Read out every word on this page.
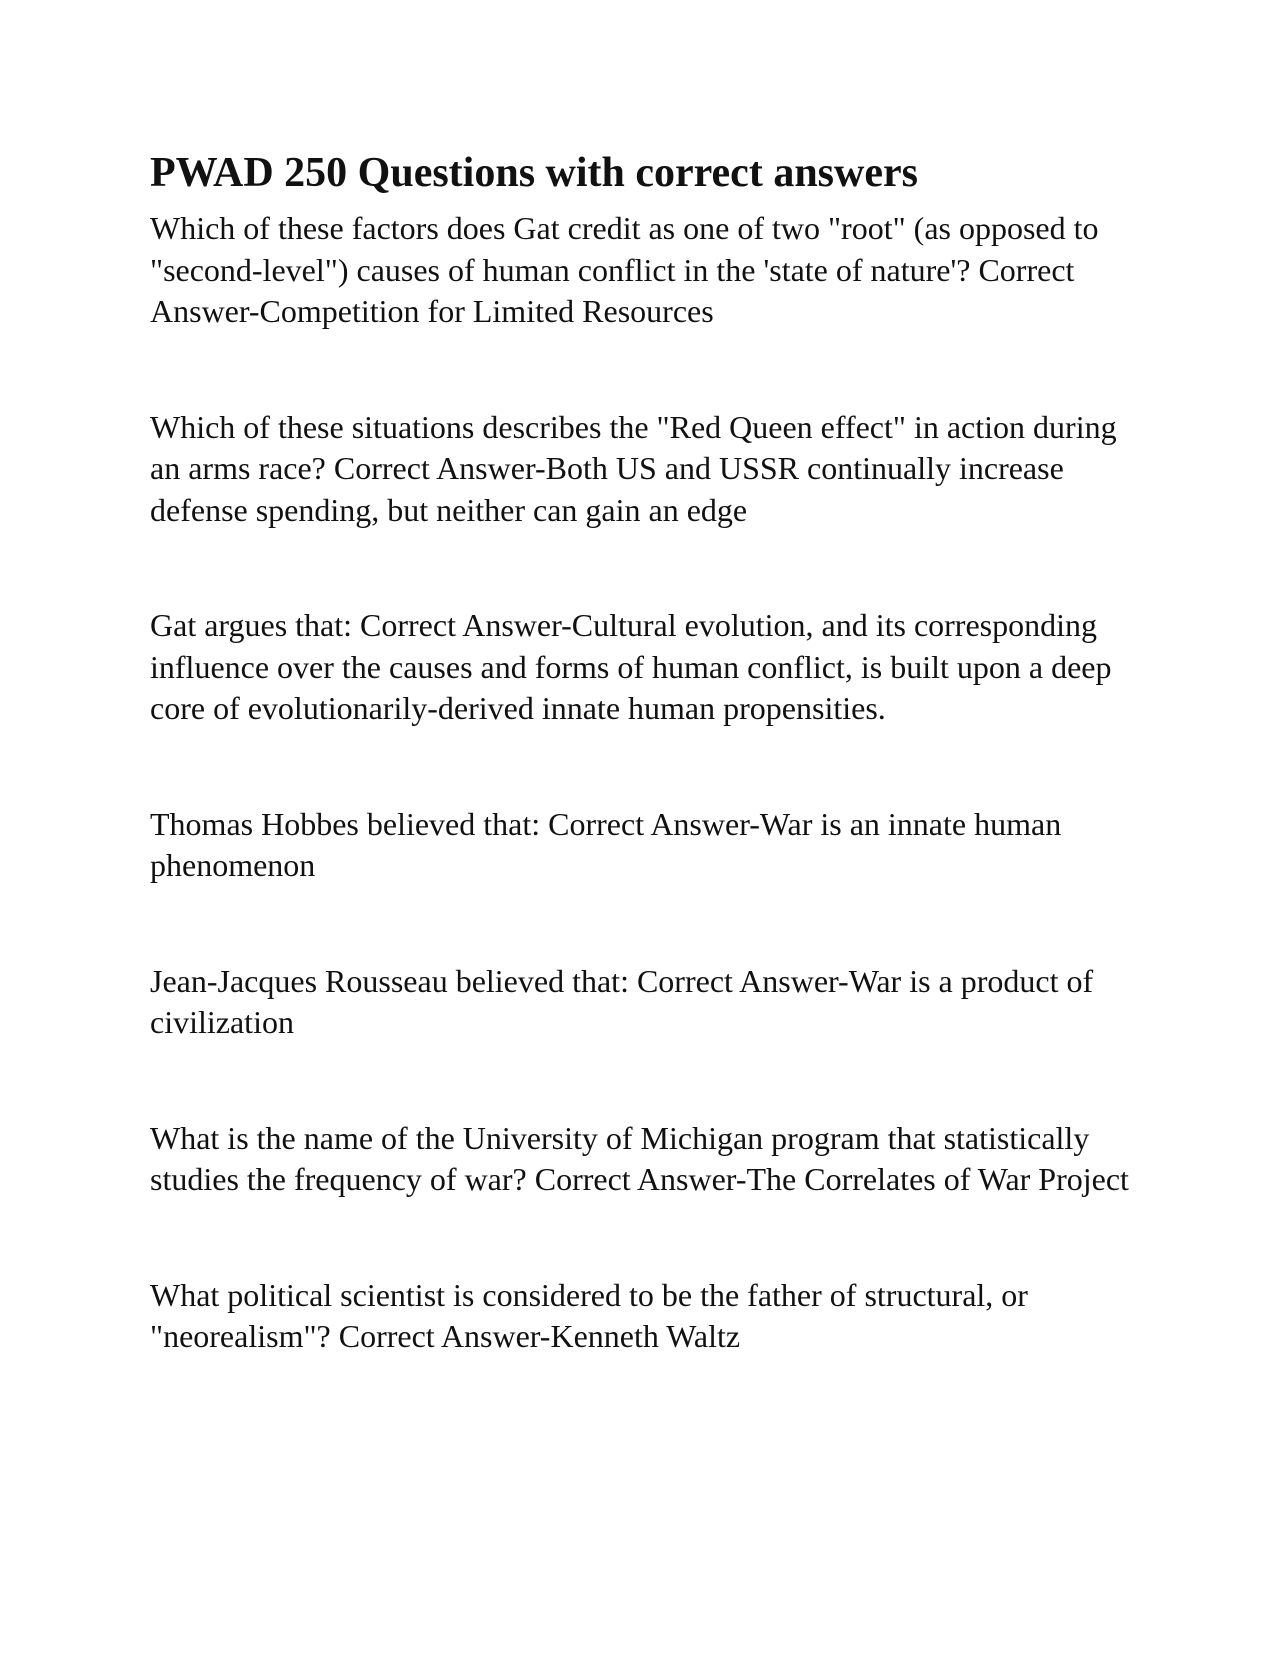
PWAD 250 Questions with correct answers

Which of these factors does Gat credit as one of two "root" (as opposed to "second-level") causes of human conflict in the 'state of nature'? Correct Answer-Competition for Limited Resources

Which of these situations describes the "Red Queen effect" in action during an arms race? Correct Answer-Both US and USSR continually increase defense spending, but neither can gain an edge

Gat argues that: Correct Answer-Cultural evolution, and its corresponding influence over the causes and forms of human conflict, is built upon a deep core of evolutionarily-derived innate human propensities.

Thomas Hobbes believed that: Correct Answer-War is an innate human phenomenon

Jean-Jacques Rousseau believed that: Correct Answer-War is a product of civilization

What is the name of the University of Michigan program that statistically studies the frequency of war? Correct Answer-The Correlates of War Project

What political scientist is considered to be the father of structural, or "neorealism"? Correct Answer-Kenneth Waltz
